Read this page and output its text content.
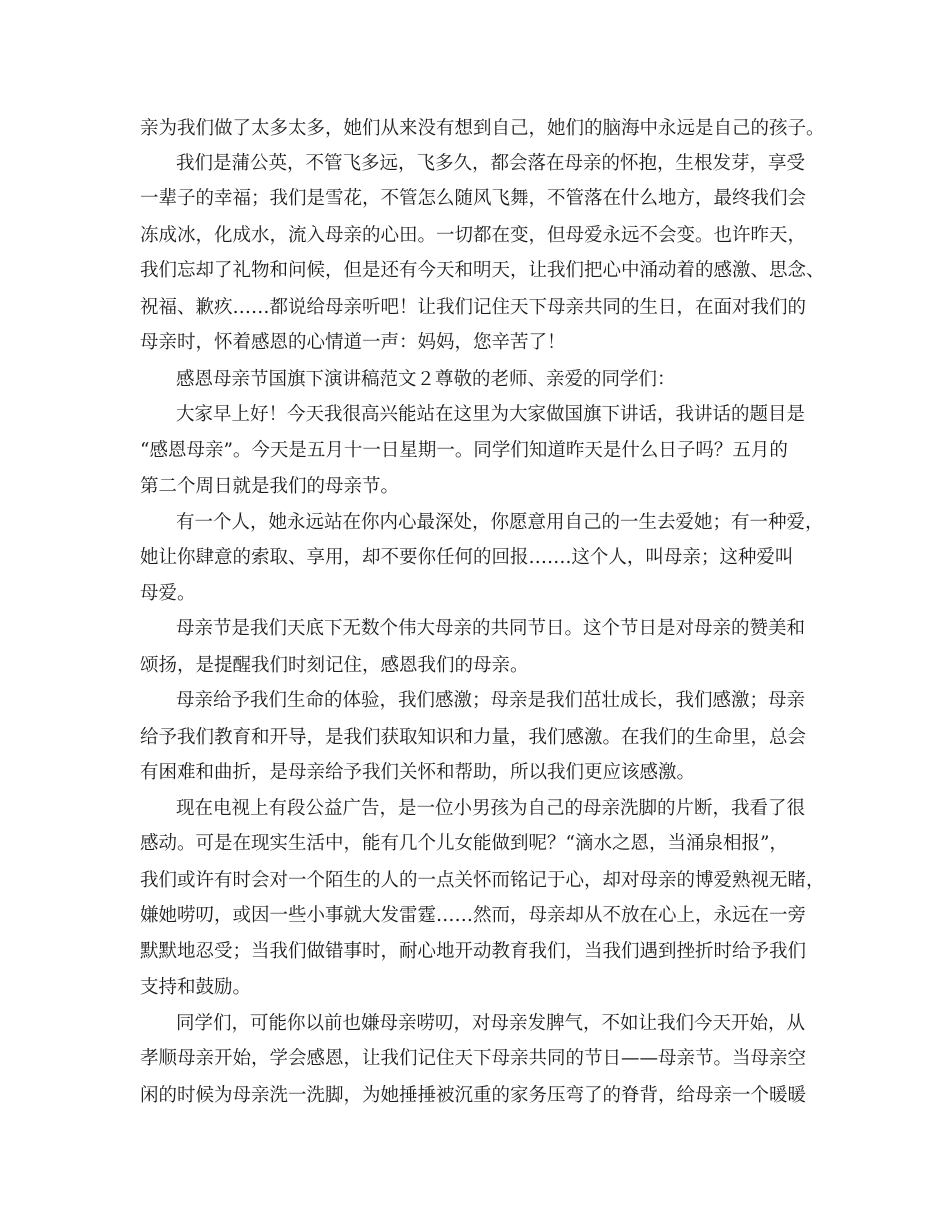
亲为我们做了太多太多，她们从来没有想到自己，她们的脑海中永远是自己的孩子。
我们是蒲公英，不管飞多远，飞多久，都会落在母亲的怀抱，生根发芽，享受
一辈子的幸福；我们是雪花，不管怎么随风飞舞，不管落在什么地方，最终我们会
冻成冰，化成水，流入母亲的心田。一切都在变，但母爱永远不会变。也许昨天，
我们忘却了礼物和问候，但是还有今天和明天，让我们把心中涌动着的感激、思念、
祝福、歉疚……都说给母亲听吧！让我们记住天下母亲共同的生日，在面对我们的
母亲时，怀着感恩的心情道一声：妈妈，您辛苦了！
感恩母亲节国旗下演讲稿范文２尊敬的老师、亲爱的同学们：
大家早上好！今天我很高兴能站在这里为大家做国旗下讲话，我讲话的题目是
“感恩母亲”。今天是五月十一日星期一。同学们知道昨天是什么日子吗？五月的
第二个周日就是我们的母亲节。
有一个人，她永远站在你内心最深处，你愿意用自己的一生去爱她；有一种爱，
她让你肆意的索取、享用，却不要你任何的回报…….这个人，叫母亲；这种爱叫
母爱。
母亲节是我们天底下无数个伟大母亲的共同节日。这个节日是对母亲的赞美和
颂扬，是提醒我们时刻记住，感恩我们的母亲。
母亲给予我们生命的体验，我们感激；母亲是我们茁壮成长，我们感激；母亲
给予我们教育和开导，是我们获取知识和力量，我们感激。在我们的生命里，总会
有困难和曲折，是母亲给予我们关怀和帮助，所以我们更应该感激。
现在电视上有段公益广告，是一位小男孩为自己的母亲洗脚的片断，我看了很
感动。可是在现实生活中，能有几个儿女能做到呢？“滴水之恩，当涌泉相报”，
我们或许有时会对一个陌生的人的一点关怀而铭记于心，却对母亲的博爱熟视无睹，
嫌她唠叨，或因一些小事就大发雷霆……然而，母亲却从不放在心上，永远在一旁
默默地忍受；当我们做错事时，耐心地开动教育我们，当我们遇到挫折时给予我们
支持和鼓励。
同学们，可能你以前也嫌母亲唠叨，对母亲发脾气，不如让我们今天开始，从
孝顺母亲开始，学会感恩，让我们记住天下母亲共同的节日——母亲节。当母亲空
闲的时候为母亲洗一洗脚，为她捶捶被沉重的家务压弯了的脊背，给母亲一个暖暖
